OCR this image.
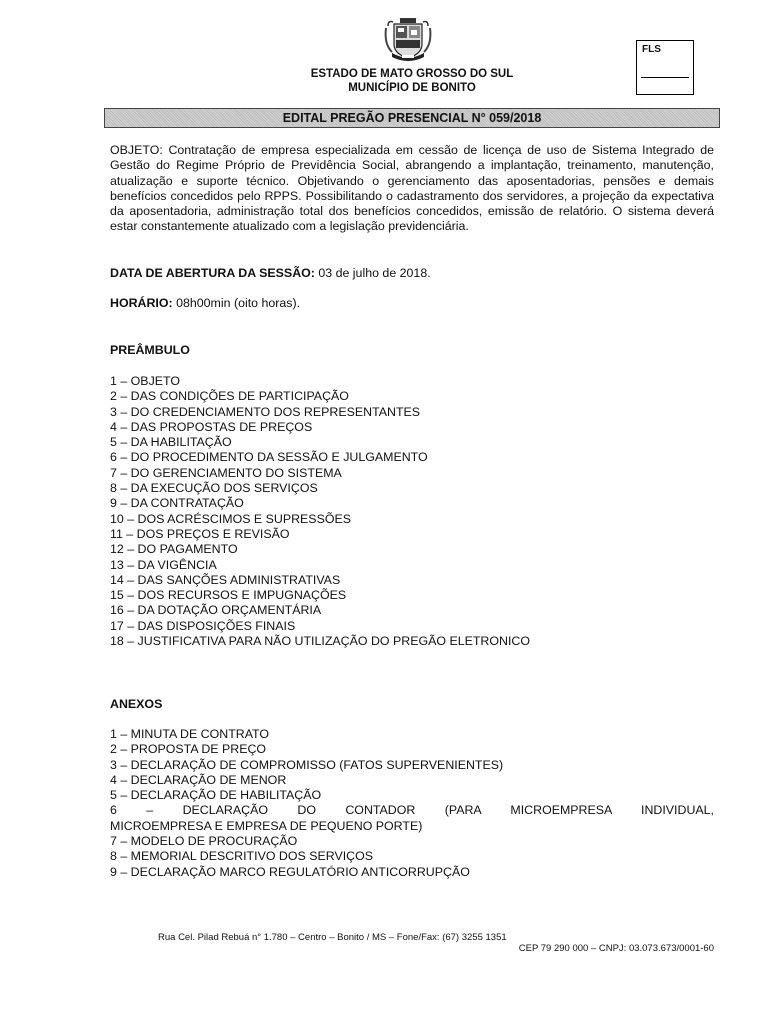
ESTADO DE MATO GROSSO DO SUL
MUNICÍPIO DE BONITO
FLS
EDITAL PREGÃO PRESENCIAL N° 059/2018
OBJETO: Contratação de empresa especializada em cessão de licença de uso de Sistema Integrado de Gestão do Regime Próprio de Previdência Social, abrangendo a implantação, treinamento, manutenção, atualização e suporte técnico. Objetivando o gerenciamento das aposentadorias, pensões e demais benefícios concedidos pelo RPPS. Possibilitando o cadastramento dos servidores, a projeção da expectativa da aposentadoria, administração total dos benefícios concedidos, emissão de relatório. O sistema deverá estar constantemente atualizado com a legislação previdenciária.
DATA DE ABERTURA DA SESSÃO: 03 de julho de 2018.
HORÁRIO: 08h00min (oito horas).
PREÂMBULO
1 – OBJETO
2 – DAS CONDIÇÕES DE PARTICIPAÇÃO
3 – DO CREDENCIAMENTO DOS REPRESENTANTES
4 – DAS PROPOSTAS DE PREÇOS
5 – DA HABILITAÇÃO
6 – DO PROCEDIMENTO DA SESSÃO E JULGAMENTO
7 – DO GERENCIAMENTO DO SISTEMA
8 – DA EXECUÇÃO DOS SERVIÇOS
9 – DA CONTRATAÇÃO
10 – DOS ACRÉSCIMOS E SUPRESSÕES
11 – DOS PREÇOS E REVISÃO
12 – DO PAGAMENTO
13 – DA VIGÊNCIA
14 – DAS SANÇÕES ADMINISTRATIVAS
15 – DOS RECURSOS E IMPUGNAÇÕES
16 – DA DOTAÇÃO ORÇAMENTÁRIA
17 – DAS DISPOSIÇÕES FINAIS
18 – JUSTIFICATIVA PARA NÃO UTILIZAÇÃO DO PREGÃO ELETRONICO
ANEXOS
1 – MINUTA DE CONTRATO
2 – PROPOSTA DE PREÇO
3 – DECLARAÇÃO DE COMPROMISSO (FATOS SUPERVENIENTES)
4 – DECLARAÇÃO DE MENOR
5 – DECLARAÇÃO DE HABILITAÇÃO
6 – DECLARAÇÃO DO CONTADOR (PARA MICROEMPRESA INDIVIDUAL,
MICROEMPRESA E EMPRESA DE PEQUENO PORTE)
7 – MODELO DE PROCURAÇÃO
8 – MEMORIAL DESCRITIVO DOS SERVIÇOS
9 – DECLARAÇÃO MARCO REGULATÓRIO ANTICORRUPÇÃO
Rua Cel. Pilad Rebuá n° 1.780 – Centro – Bonito / MS – Fone/Fax: (67) 3255 1351
CEP 79 290 000 – CNPJ: 03.073.673/0001-60
